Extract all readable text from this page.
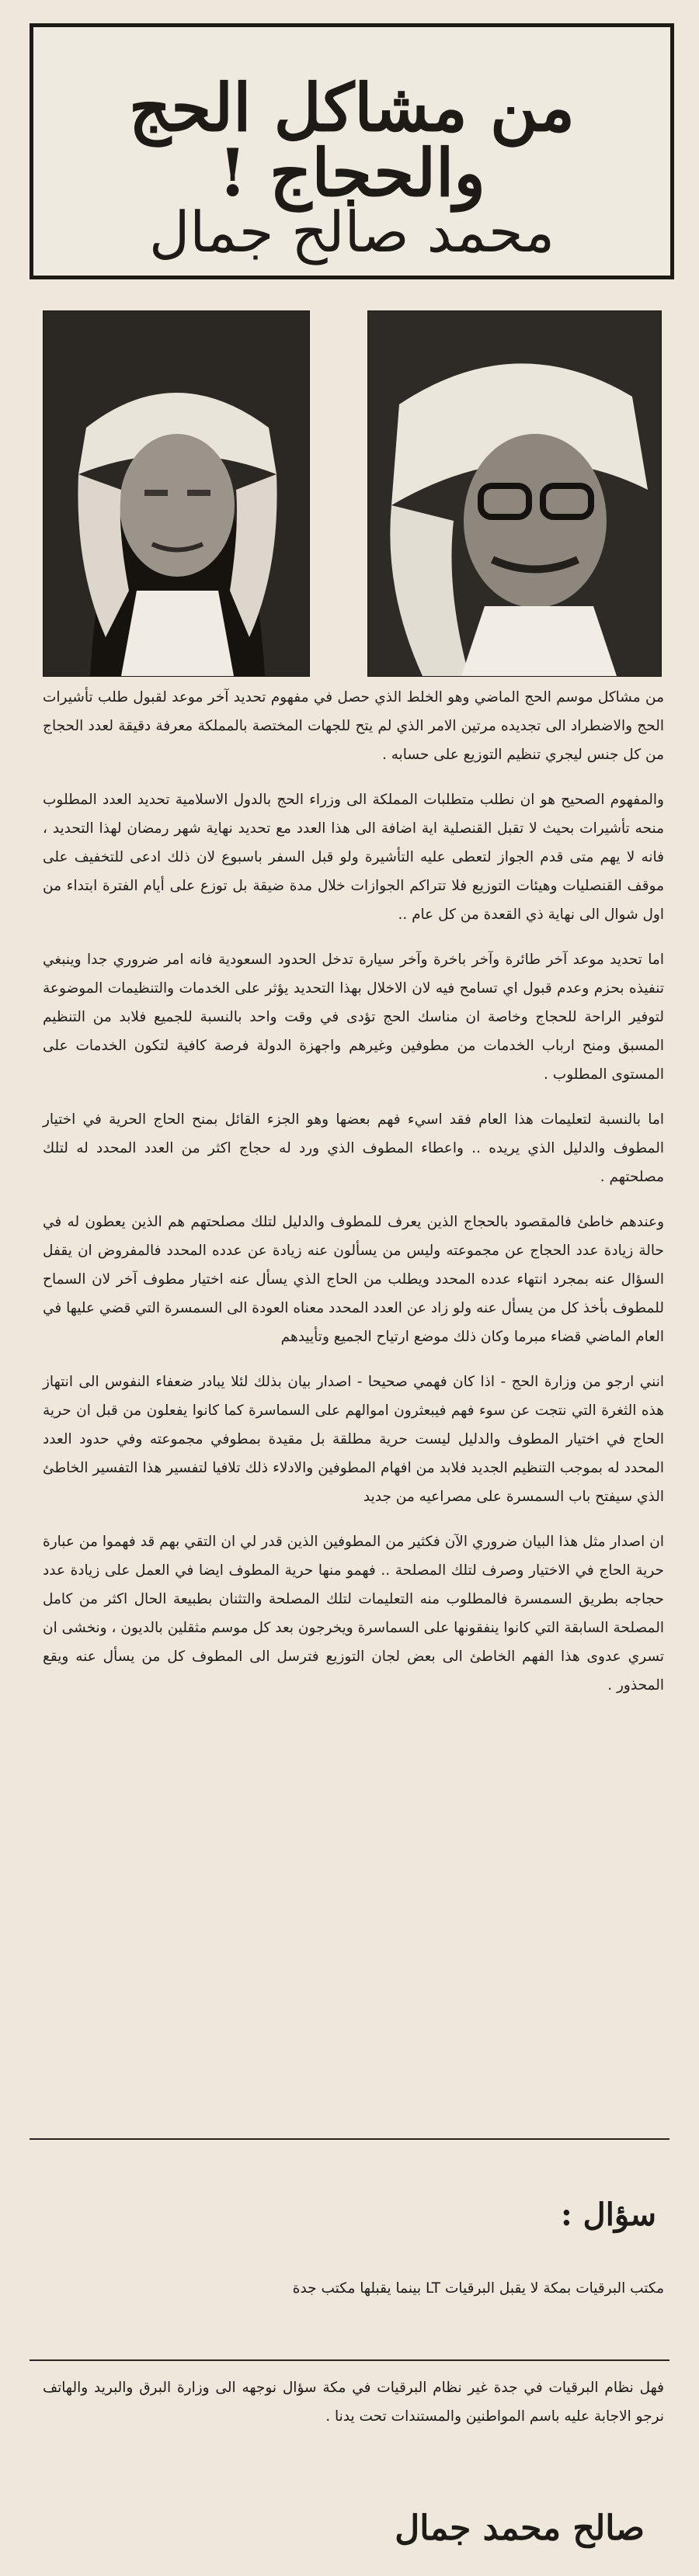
من مشاكل الحج والحجاج !
محمد صالح جمال

من مشاكل موسم الحج الماضي وهو الخلط الذي حصل في مفهوم تحديد آخر موعد لقبول طلب تأشيرات الحج والاضطراد الى تجديده مرتين الامر الذي لم يتح للجهات المختصة بالمملكة معرفة دقيقة لعدد الحجاج من كل جنس ليجري تنظيم التوزيع على حسابه .

والمفهوم الصحيح هو ان نطلب متطلبات المملكة الى وزراء الحج بالدول الاسلامية تحديد العدد المطلوب منحه تأشيرات بحيث لا تقبل القنصلية اية اضافة الى هذا العدد مع تحديد نهاية شهر رمضان لهذا التحديد ، فانه لا يهم متى قدم الجواز لتعطى عليه التأشيرة ولو قبل السفر باسبوع لان ذلك ادعى للتخفيف على موقف القنصليات وهيئات التوزيع فلا تتراكم الجوازات خلال مدة ضيقة بل توزع على أيام الفترة ابتداء من اول شوال الى نهاية ذي القعدة من كل عام ..

اما تحديد موعد آخر طائرة وآخر باخرة وآخر سيارة تدخل الحدود السعودية فانه امر ضروري جدا وينبغي تنفيذه بحزم وعدم قبول اي تسامح فيه لان الاخلال بهذا التحديد يؤثر على الخدمات والتنظيمات الموضوعة لتوفير الراحة للحجاج وخاصة ان مناسك الحج تؤدى في وقت واحد بالنسبة للجميع فلابد من التنظيم المسبق ومنح ارباب الخدمات من مطوفين وغيرهم واجهزة الدولة فرصة كافية لتكون الخدمات على المستوى المطلوب .

اما بالنسبة لتعليمات هذا العام فقد اسيء فهم بعضها وهو الجزء القائل بمنح الحاج الحرية في اختيار المطوف والدليل الذي يريده .. واعطاء المطوف الذي ورد له حجاج اكثر من العدد المحدد له لتلك مصلحتهم .

وعندهم خاطئ فالمقصود بالحجاج الذين يعرف للمطوف والدليل لتلك مصلحتهم هم الذين يعطون له في حالة زيادة عدد الحجاج عن مجموعته وليس من يسألون عنه زيادة عن عدده المحدد فالمفروض ان يقفل السؤال عنه بمجرد انتهاء عدده المحدد ويطلب من الحاج الذي يسأل عنه اختيار مطوف آخر لان السماح للمطوف بأخذ كل من يسأل عنه ولو زاد عن العدد المحدد معناه العودة الى السمسرة التي قضي عليها في العام الماضي قضاء مبرما وكان ذلك موضع ارتياح الجميع وتأييدهم

انني ارجو من وزارة الحج - اذا كان فهمي صحيحا - اصدار بيان بذلك لئلا يبادر ضعفاء النفوس الى انتهاز هذه الثغرة التي نتجت عن سوء فهم فيبعثرون اموالهم على السماسرة كما كانوا يفعلون من قبل ان حرية الحاج في اختيار المطوف والدليل ليست حرية مطلقة بل مقيدة بمطوفي مجموعته وفي حدود العدد المحدد له بموجب التنظيم الجديد فلابد من افهام المطوفين والادلاء ذلك تلافيا لتفسير هذا التفسير الخاطئ الذي سيفتح باب السمسرة على مصراعيه من جديد

ان اصدار مثل هذا البيان ضروري الآن فكثير من المطوفين الذين قدر لي ان التقي بهم قد فهموا من عبارة حرية الحاج في الاختيار وصرف لتلك المصلحة .. فهمو منها حرية المطوف ايضا في العمل على زيادة عدد حجاجه بطريق السمسرة فالمطلوب منه التعليمات لتلك المصلحة والتثنان بطبيعة الحال اكثر من كامل المصلحة السابقة التي كانوا ينفقونها على السماسرة ويخرجون بعد كل موسم مثقلين بالديون ، ونخشى ان تسري عدوى هذا الفهم الخاطئ الى بعض لجان التوزيع فترسل الى المطوف كل من يسأل عنه ويقع المحذور .

سؤال :
مكتب البرقيات بمكة لا يقبل البرقيات LT بينما يقبلها مكتب جدة
فهل نظام البرقيات في جدة غير نظام البرقيات في مكة سؤال نوجهه الى وزارة البرق والبريد والهاتف نرجو الاجابة عليه باسم المواطنين والمستندات تحت يدنا .
صالح محمد جمال
